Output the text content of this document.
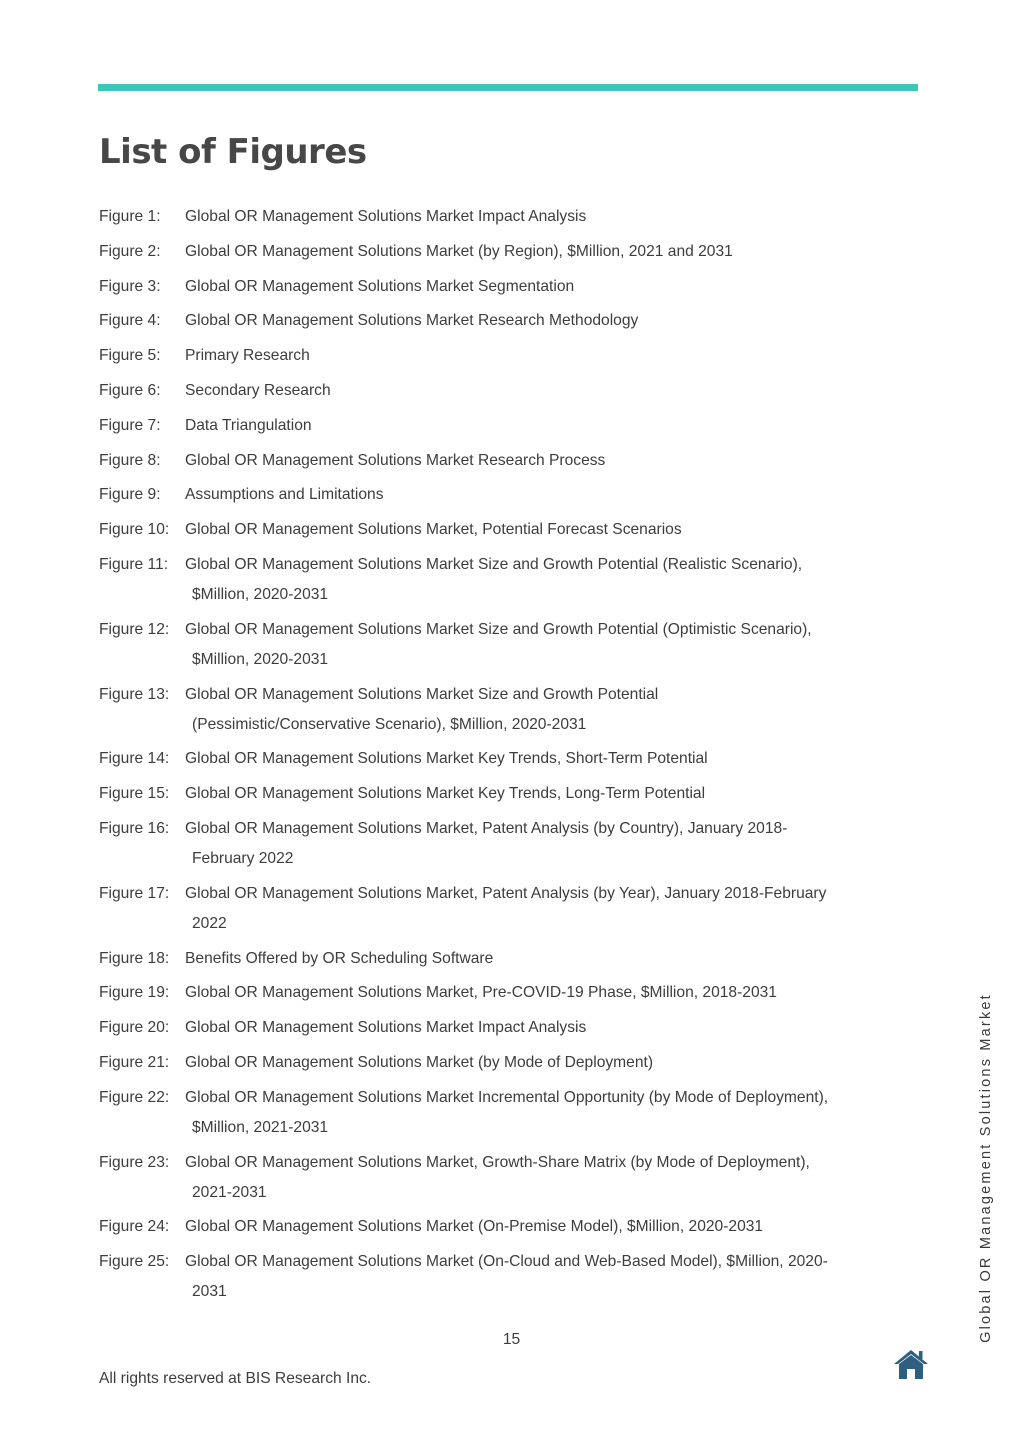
List of Figures
Figure 1:	Global OR Management Solutions Market Impact Analysis
Figure 2:	Global OR Management Solutions Market (by Region), $Million, 2021 and 2031
Figure 3:	Global OR Management Solutions Market Segmentation
Figure 4:	Global OR Management Solutions Market Research Methodology
Figure 5:	Primary Research
Figure 6:	Secondary Research
Figure 7:	Data Triangulation
Figure 8:	Global OR Management Solutions Market Research Process
Figure 9:	Assumptions and Limitations
Figure 10:	Global OR Management Solutions Market, Potential Forecast Scenarios
Figure 11:	Global OR Management Solutions Market Size and Growth Potential (Realistic Scenario),
$Million, 2020-2031
Figure 12:	Global OR Management Solutions Market Size and Growth Potential (Optimistic Scenario),
$Million, 2020-2031
Figure 13:	Global OR Management Solutions Market Size and Growth Potential
(Pessimistic/Conservative Scenario), $Million, 2020-2031
Figure 14:	Global OR Management Solutions Market Key Trends, Short-Term Potential
Figure 15:	Global OR Management Solutions Market Key Trends, Long-Term Potential
Figure 16:	Global OR Management Solutions Market, Patent Analysis (by Country), January 2018-
February 2022
Figure 17:	Global OR Management Solutions Market, Patent Analysis (by Year), January 2018-February
2022
Figure 18:	Benefits Offered by OR Scheduling Software
Figure 19:	Global OR Management Solutions Market, Pre-COVID-19 Phase, $Million, 2018-2031
Figure 20:	Global OR Management Solutions Market Impact Analysis
Figure 21:	Global OR Management Solutions Market (by Mode of Deployment)
Figure 22:	Global OR Management Solutions Market Incremental Opportunity (by Mode of Deployment),
$Million, 2021-2031
Figure 23:	Global OR Management Solutions Market, Growth-Share Matrix (by Mode of Deployment),
2021-2031
Figure 24:	Global OR Management Solutions Market (On-Premise Model), $Million, 2020-2031
Figure 25:	Global OR Management Solutions Market (On-Cloud and Web-Based Model), $Million, 2020-
2031	Global OR Management Solutions Market
15
All rights reserved at BIS Research Inc.
